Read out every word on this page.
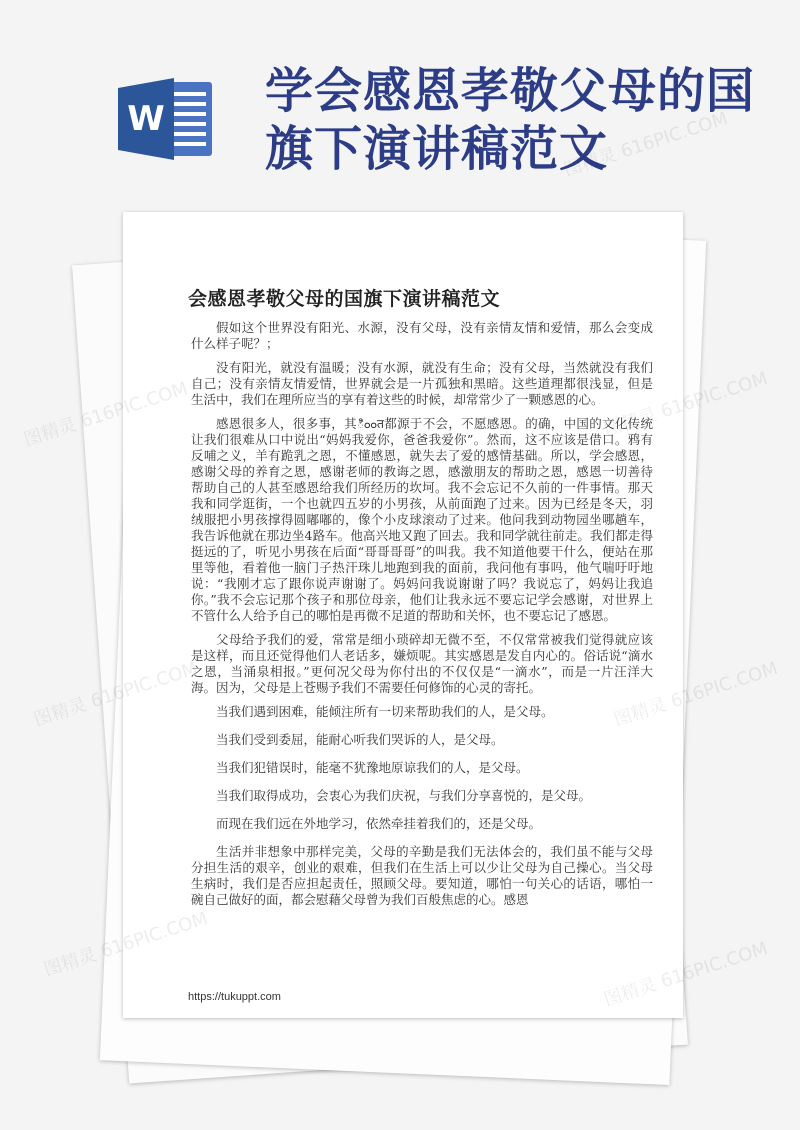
W 学会感恩孝敬父母的国旗下演讲稿范文
会感恩孝敬父母的国旗下演讲稿范文

假如这个世界没有阳光、水源，没有父母，没有亲情友情和爱情，那么会变成什么样子呢？；

没有阳光，就没有温暖；没有水源，就没有生命；没有父母，当然就没有我们自己；没有亲情友情爱情，世界就会是一片孤独和黑暗。这些道理都很浅显，但是生活中，我们在理所应当的享有着这些的时候，却常常少了一颗感恩的心。

感恩很多人，很多事，其ింంत都源于不会，不愿感恩。的确，中国的文化传统让我们很难从口中说出“妈妈我爱你，爸爸我爱你”。然而，这不应该是借口。鸦有反哺之义，羊有跪乳之恩，不懂感恩，就失去了爱的感情基础。所以，学会感恩，感谢父母的养育之恩，感谢老师的教诲之恩，感激朋友的帮助之恩，感恩一切善待帮助自己的人甚至感恩给我们所经历的坎坷。我不会忘记不久前的一件事情。那天我和同学逛街，一个也就四五岁的小男孩，从前面跑了过来。因为已经是冬天，羽绒服把小男孩撑得圆嘟嘟的，像个小皮球滚动了过来。他问我到动物园坐哪趟车，我告诉他就在那边坐4路车。他高兴地又跑了回去。我和同学就往前走。我们都走得挺远的了，听见小男孩在后面“哥哥哥哥”的叫我。我不知道他要干什么，便站在那里等他，看着他一脑门子热汗珠儿地跑到我的面前，我问他有事吗，他气喘吁吁地说：“我刚才忘了跟你说声谢谢了。妈妈问我说谢谢了吗？我说忘了，妈妈让我追你。”我不会忘记那个孩子和那位母亲，他们让我永远不要忘记学会感谢，对世界上不管什么人给予自己的哪怕是再微不足道的帮助和关怀，也不要忘记了感恩。

父母给予我们的爱，常常是细小琐碎却无微不至，不仅常常被我们觉得就应该是这样，而且还觉得他们人老话多，嫌烦呢。其实感恩是发自内心的。俗话说“滴水之恩，当涌泉相报。”更何况父母为你付出的不仅仅是“一滴水”，而是一片汪洋大海。因为，父母是上苍赐予我们不需要任何修饰的心灵的寄托。

当我们遇到困难，能倾注所有一切来帮助我们的人，是父母。

当我们受到委屈，能耐心听我们哭诉的人，是父母。

当我们犯错误时，能毫不犹豫地原谅我们的人，是父母。

当我们取得成功，会衷心为我们庆祝，与我们分享喜悦的，是父母。

而现在我们远在外地学习，依然牵挂着我们的，还是父母。

生活并非想象中那样完美，父母的辛勤是我们无法体会的，我们虽不能与父母分担生活的艰辛，创业的艰难，但我们在生活上可以少让父母为自己操心。当父母生病时，我们是否应担起责任，照顾父母。要知道，哪怕一句关心的话语，哪怕一碗自己做好的面，都会慰藉父母曾为我们百般焦虑的心。感恩

https://tukuppt.com
图精灵 616PIC.COM
图精灵
616PIC.COM
图精灵	图精灵 616PIC.COM
图精灵	图精灵 616PIC.COM
